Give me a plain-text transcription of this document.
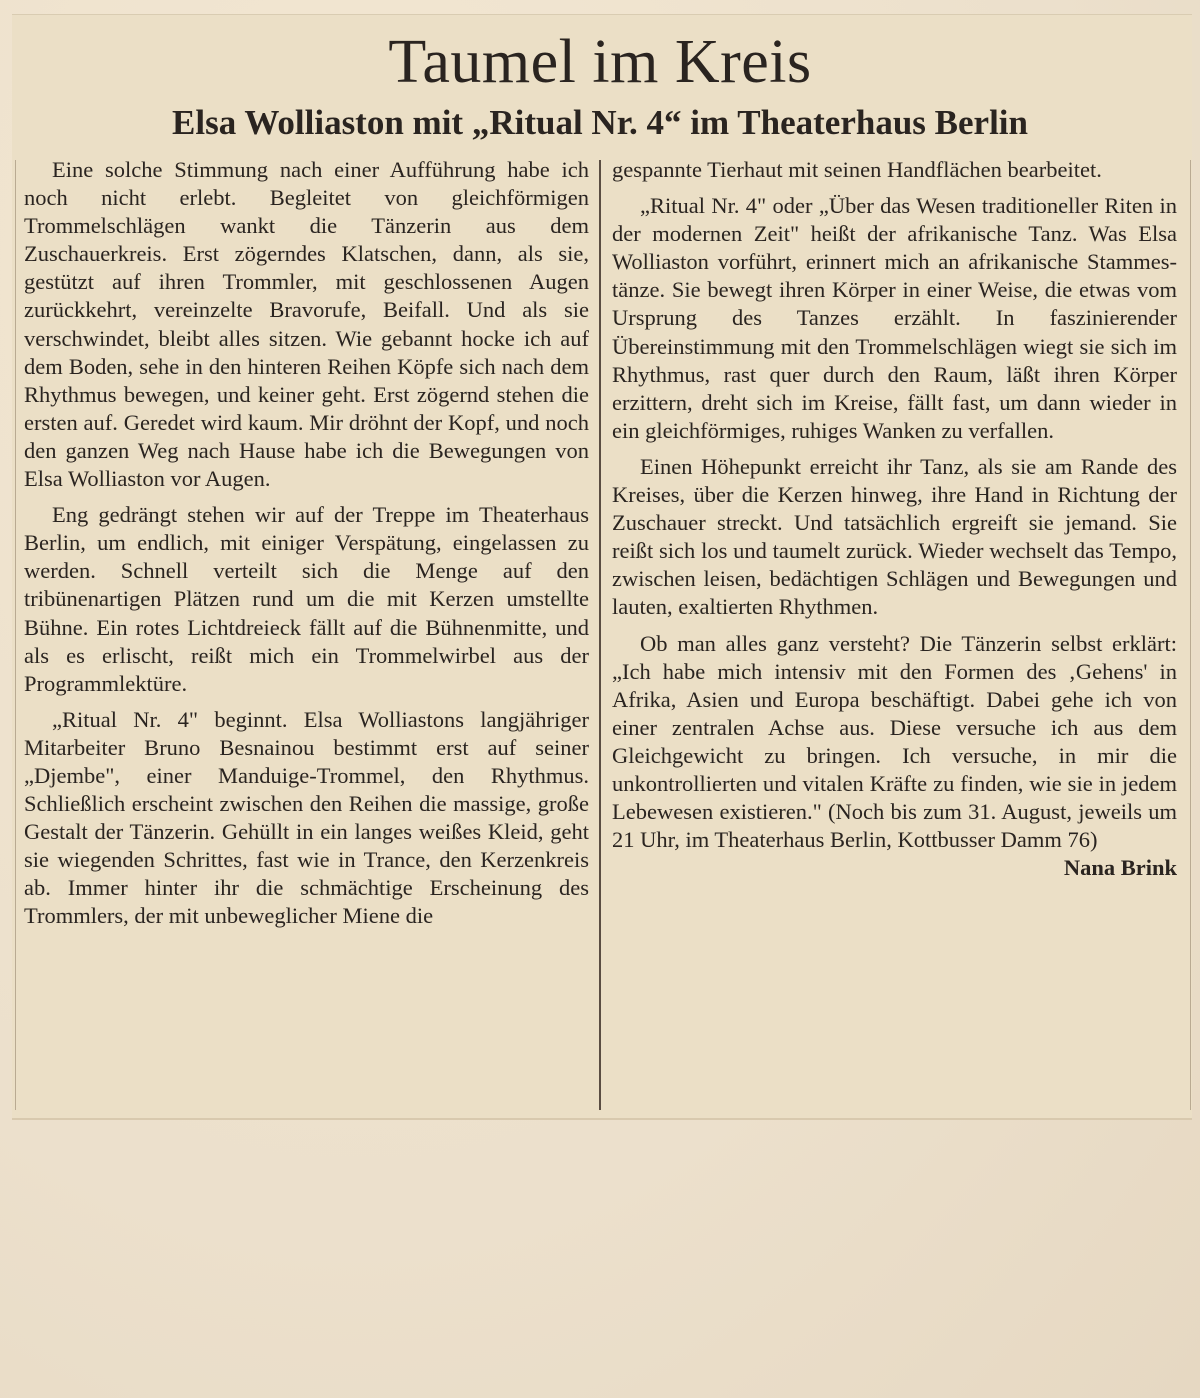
Taumel im Kreis
Elsa Wolliaston mit „Ritual Nr. 4“ im Theaterhaus Berlin

Eine solche Stimmung nach einer Aufführung habe ich noch nicht erlebt. Begleitet von gleichförmigen Trommelschlägen wankt die Tänzerin aus dem Zuschauerkreis. Erst zögerndes Klatschen, dann, als sie, gestützt auf ihren Trommler, mit geschlossenen Augen zurückkehrt, vereinzelte Bravorufe, Beifall. Und als sie verschwindet, bleibt alles sitzen. Wie gebannt hocke ich auf dem Boden, sehe in den hinteren Reihen Köpfe sich nach dem Rhythmus bewegen, und keiner geht. Erst zögernd stehen die ersten auf. Geredet wird kaum. Mir dröhnt der Kopf, und noch den ganzen Weg nach Hause habe ich die Bewegungen von Elsa Wolliaston vor Augen.

Eng gedrängt stehen wir auf der Treppe im Theaterhaus Berlin, um endlich, mit einiger Verspätung, eingelassen zu werden. Schnell verteilt sich die Menge auf den tribünenartigen Plätzen rund um die mit Kerzen umstellte Bühne. Ein rotes Lichtdreieck fällt auf die Bühnenmitte, und als es erlischt, reißt mich ein Trommelwirbel aus der Programmlektüre.

„Ritual Nr. 4" beginnt. Elsa Wolliastons langjähriger Mitarbeiter Bruno Besnainou bestimmt erst auf seiner „Djembe", einer Manduige-Trommel, den Rhythmus. Schließlich erscheint zwischen den Reihen die massige, große Gestalt der Tänzerin. Gehüllt in ein langes weißes Kleid, geht sie wiegenden Schrittes, fast wie in Trance, den Kerzenkreis ab. Immer hinter ihr die schmächtige Erscheinung des Trommlers, der mit unbeweglicher Miene die

gespannte Tierhaut mit seinen Handflächen bearbeitet.

„Ritual Nr. 4" oder „Über das Wesen traditioneller Riten in der modernen Zeit" heißt der afrikanische Tanz. Was Elsa Wolliaston vorführt, erinnert mich an afrikanische Stammestänze. Sie bewegt ihren Körper in einer Weise, die etwas vom Ursprung des Tanzes erzählt. In faszinierender Übereinstimmung mit den Trommelschlägen wiegt sie sich im Rhythmus, rast quer durch den Raum, läßt ihren Körper erzittern, dreht sich im Kreise, fällt fast, um dann wieder in ein gleichförmiges, ruhiges Wanken zu verfallen.

Einen Höhepunkt erreicht ihr Tanz, als sie am Rande des Kreises, über die Kerzen hinweg, ihre Hand in Richtung der Zuschauer streckt. Und tatsächlich ergreift sie jemand. Sie reißt sich los und taumelt zurück. Wieder wechselt das Tempo, zwischen leisen, bedächtigen Schlägen und Bewegungen und lauten, exaltierten Rhythmen.

Ob man alles ganz versteht? Die Tänzerin selbst erklärt: „Ich habe mich intensiv mit den Formen des ‚Gehens' in Afrika, Asien und Europa beschäftigt. Dabei gehe ich von einer zentralen Achse aus. Diese versuche ich aus dem Gleichgewicht zu bringen. Ich versuche, in mir die unkontrollierten und vitalen Kräfte zu finden, wie sie in jedem Lebewesen existieren." (Noch bis zum 31. August, jeweils um 21 Uhr, im Theaterhaus Berlin, Kottbusser Damm 76)
Nana Brink
